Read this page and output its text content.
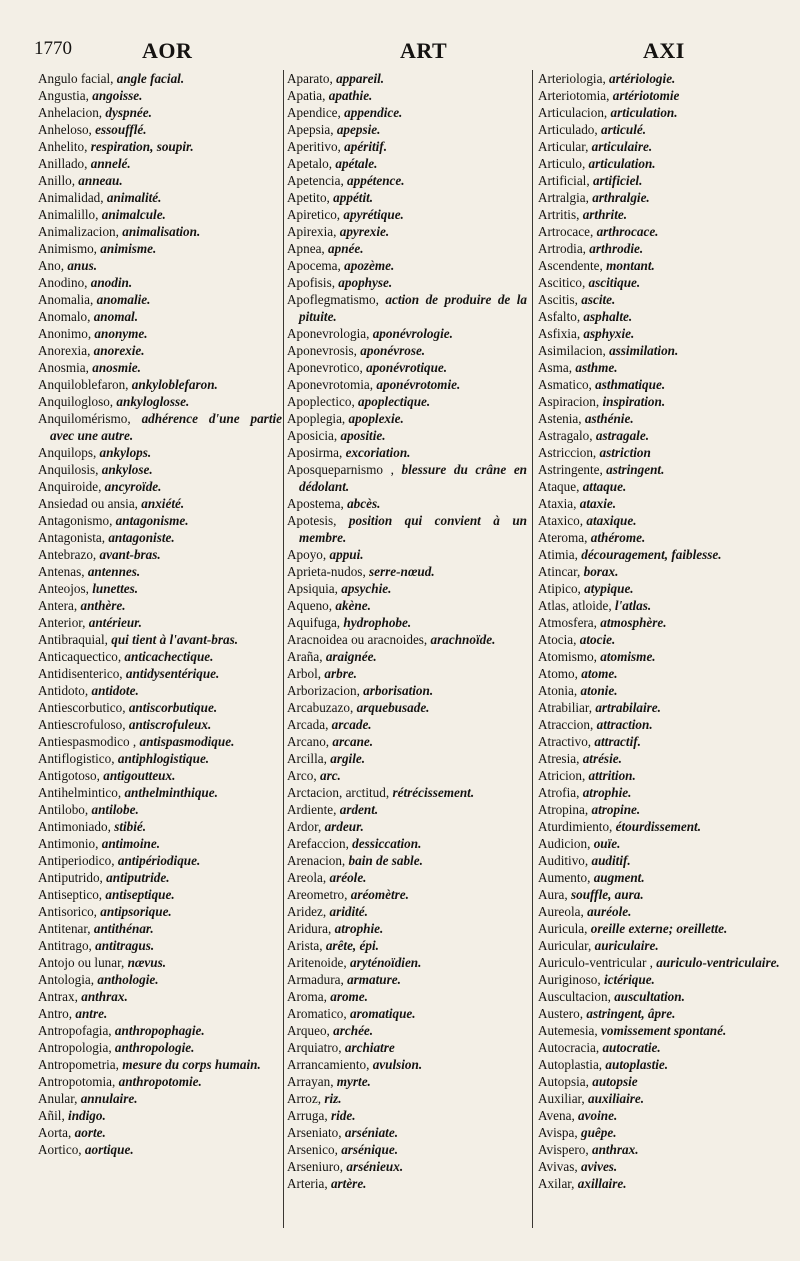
1770	AOR	ART	AXI

Angulo facial, angle facial.

Angustia, angoisse.

Anhelacion, dyspnée.

Anheloso, essoufflé.

Anhelito, respiration, soupir.

Anillado, annelé.

Anillo, anneau.

Animalidad, animalité.

Animalillo, animalcule.

Animalizacion, animalisation.

Animismo, animisme.

Ano, anus.

Anodino, anodin.

Anomalia, anomalie.

Anomalo, anomal.

Anonimo, anonyme.

Anorexia, anorexie.

Anosmia, anosmie.

Anquiloblefaron, ankyloblefaron.

Anquilogloso, ankyloglosse.

Anquilomérismo, adhérence d'une partie avec une autre.

Anquilops, ankylops.

Anquilosis, ankylose.

Anquiroide, ancyroïde.

Ansiedad ou ansia, anxiété.

Antagonismo, antagonisme.

Antagonista, antagoniste.

Antebrazo, avant-bras.

Antenas, antennes.

Anteojos, lunettes.

Antera, anthère.

Anterior, antérieur.

Antibraquial, qui tient à l'avant-bras.

Anticaquectico, anticachectique.

Antidisenterico, antidysentérique.

Antidoto, antidote.

Antiescorbutico, antiscorbutique.

Antiescrofuloso, antiscrofuleux.

Antiespasmodico , antispasmodique.

Antiflogistico, antiphlogistique.

Antigotoso, antigoutteux.

Antihelmintico, anthelminthique.

Antilobo, antilobe.

Antimoniado, stibié.

Antimonio, antimoine.

Antiperiodico, antipériodique.

Antiputrido, antiputride.

Antiseptico, antiseptique.

Antisorico, antipsorique.

Antitenar, antithénar.

Antitrago, antitragus.

Antojo ou lunar, nævus.

Antologia, anthologie.

Antrax, anthrax.

Antro, antre.

Antropofagia, anthropophagie.

Antropologia, anthropologie.

Antropometria, mesure du corps humain.

Antropotomia, anthropotomie.

Anular, annulaire.

Añil, indigo.

Aorta, aorte.

Aortico, aortique.

Aparato, appareil.

Apatia, apathie.

Apendice, appendice.

Apepsia, apepsie.

Aperitivo, apéritif.

Apetalo, apétale.

Apetencia, appétence.

Apetito, appétit.

Apiretico, apyrétique.

Apirexia, apyrexie.

Apnea, apnée.

Apocema, apozème.

Apofisis, apophyse.

Apoflegmatismo, action de produire de la pituite.

Aponevrologia, aponévrologie.

Aponevrosis, aponévrose.

Aponevrotico, aponévrotique.

Aponevrotomia, aponévrotomie.

Apoplectico, apoplectique.

Apoplegia, apoplexie.

Aposicia, apositie.

Aposirma, excoriation.

Aposqueparnismo , blessure du crâne en dédolant.

Apostema, abcès.

Apotesis, position qui convient à un membre.

Apoyo, appui.

Aprieta-nudos, serre-nœud.

Apsiquia, apsychie.

Aqueno, akène.

Aquifuga, hydrophobe.

Aracnoidea ou aracnoides, arachnoïde.

Araña, araignée.

Arbol, arbre.

Arborizacion, arborisation.

Arcabuzazo, arquebusade.

Arcada, arcade.

Arcano, arcane.

Arcilla, argile.

Arco, arc.

Arctacion, arctitud, rétrécissement.

Ardiente, ardent.

Ardor, ardeur.

Arefaccion, dessiccation.

Arenacion, bain de sable.

Areola, aréole.

Areometro, aréomètre.

Aridez, aridité.

Aridura, atrophie.

Arista, arête, épi.

Aritenoide, aryténoïdien.

Armadura, armature.

Aroma, arome.

Aromatico, aromatique.

Arqueo, archée.

Arquiatro, archiatre

Arrancamiento, avulsion.

Arrayan, myrte.

Arroz, riz.

Arruga, ride.

Arseniato, arséniate.

Arsenico, arsénique.

Arseniuro, arsénieux.

Arteria, artère.

Arteriologia, artériologie.

Arteriotomia, artériotomie

Articulacion, articulation.

Articulado, articulé.

Articular, articulaire.

Articulo, articulation.

Artificial, artificiel.

Artralgia, arthralgie.

Artritis, arthrite.

Artrocace, arthrocace.

Artrodia, arthrodie.

Ascendente, montant.

Ascitico, ascitique.

Ascitis, ascite.

Asfalto, asphalte.

Asfixia, asphyxie.

Asimilacion, assimilation.

Asma, asthme.

Asmatico, asthmatique.

Aspiracion, inspiration.

Astenia, asthénie.

Astragalo, astragale.

Astriccion, astriction

Astringente, astringent.

Ataque, attaque.

Ataxia, ataxie.

Ataxico, ataxique.

Ateroma, athérome.

Atimia, découragement, faiblesse.

Atincar, borax.

Atipico, atypique.

Atlas, atloide, l'atlas.

Atmosfera, atmosphère.

Atocia, atocie.

Atomismo, atomisme.

Atomo, atome.

Atonia, atonie.

Atrabiliar, artrabilaire.

Atraccion, attraction.

Atractivo, attractif.

Atresia, atrésie.

Atricion, attrition.

Atrofia, atrophie.

Atropina, atropine.

Aturdimiento, étourdissement.

Audicion, ouïe.

Auditivo, auditif.

Aumento, augment.

Aura, souffle, aura.

Aureola, auréole.

Auricula, oreille externe; oreillette.

Auricular, auriculaire.

Auriculo-ventricular , auriculo-ventriculaire.

Auriginoso, ictérique.

Auscultacion, auscultation.

Austero, astringent, âpre.

Autemesia, vomissement spontané.

Autocracia, autocratie.

Autoplastia, autoplastie.

Autopsia, autopsie

Auxiliar, auxiliaire.

Avena, avoine.

Avispa, guêpe.

Avispero, anthrax.

Avivas, avives.

Axilar, axillaire.
